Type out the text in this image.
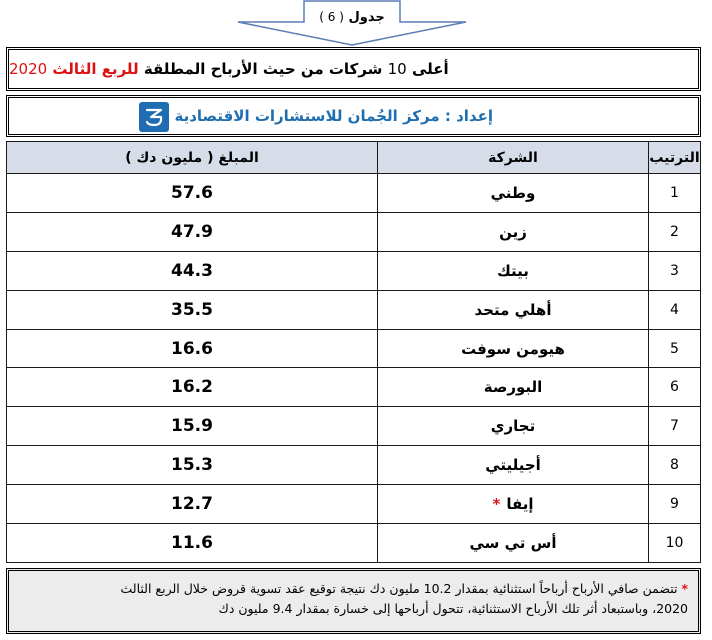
جدول ( 6 )
أعلى 10 شركات من حيث الأرباح المطلقة للربع الثالث 2020
إعداد : مركز الجُمان للاستشارات الاقتصادية
الترتيب	الشركة	المبلغ ( مليون دك )
1	وطني	57.6
2	زين	47.9
3	بيتك	44.3
4	أهلي متحد	35.5
5	هيومن سوفت	16.6
6	البورصة	16.2
7	تجاري	15.9
8	أجيليتي	15.3
9	إيفا*	12.7
10	أس تي سي	11.6
*تتضمن صافي الأرباح أرباحاً استثنائية بمقدار 10.2 مليون دك نتيجة توقيع عقد تسوية قروض خلال الربع الثالث
2020، وباستبعاد أثر تلك الأرباح الاستثنائية، تتحول أرباحها إلى خسارة بمقدار 9.4 مليون دك
